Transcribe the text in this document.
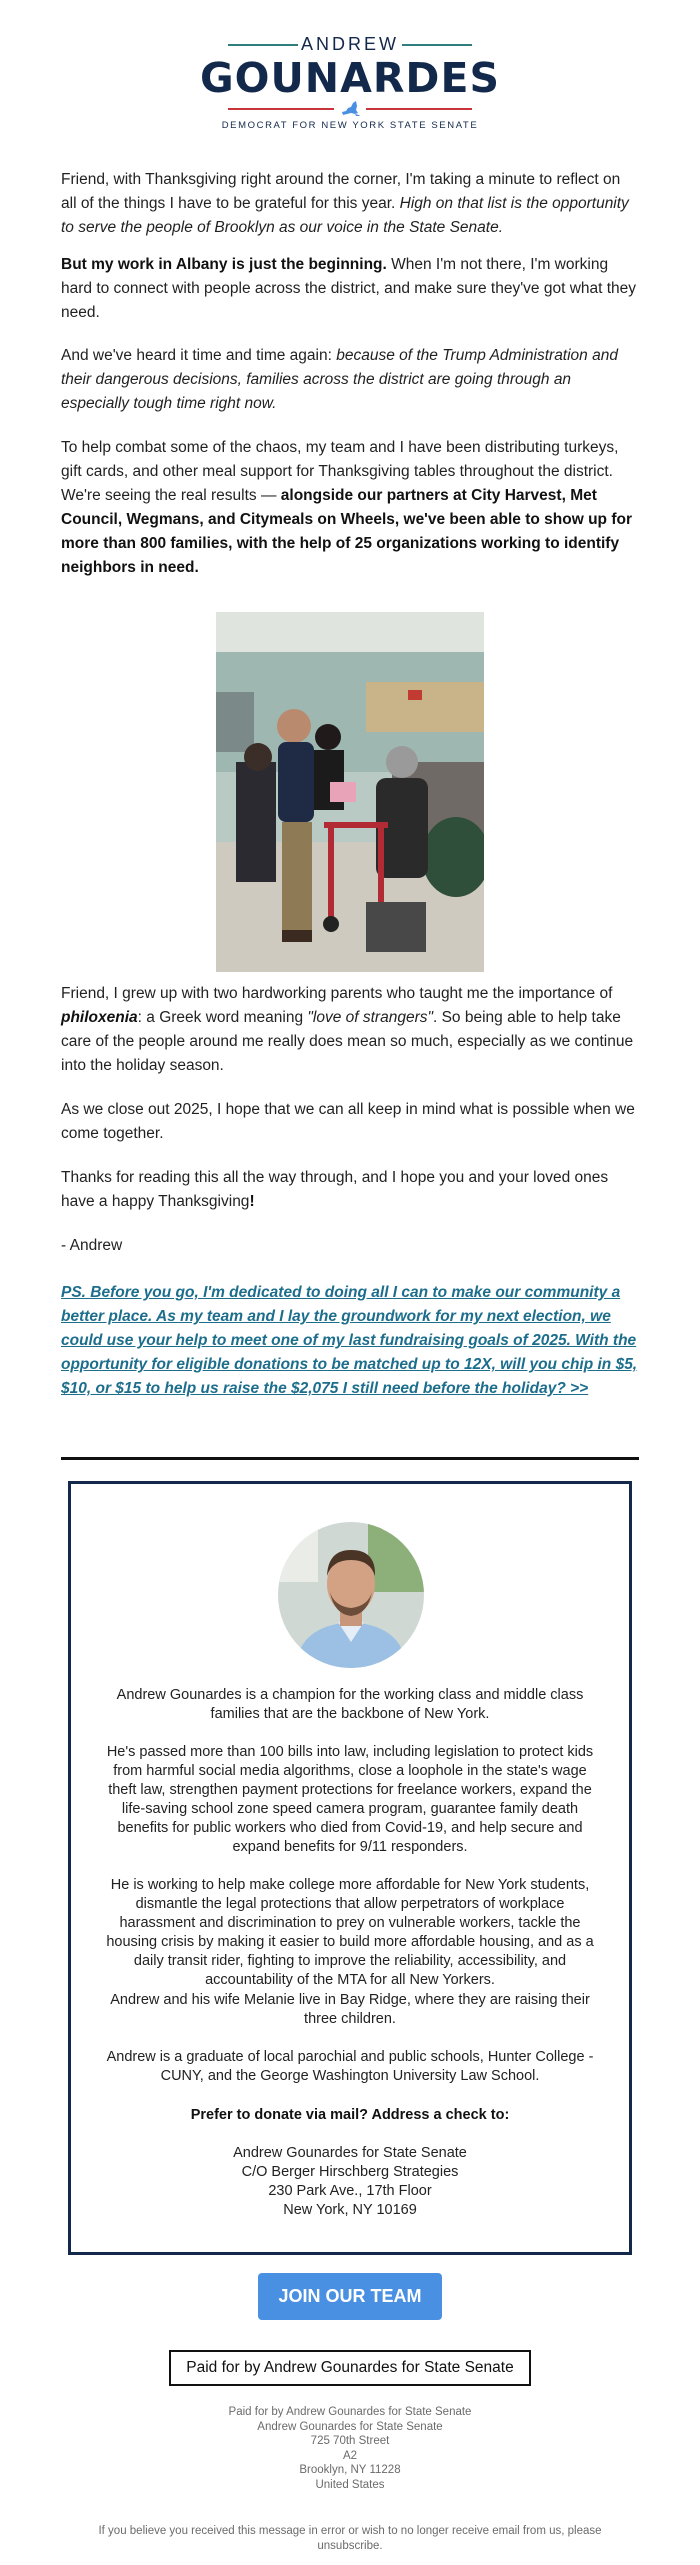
ANDREW
GOUNARDES
DEMOCRAT FOR NEW YORK STATE SENATE
Friend, with Thanksgiving right around the corner, I'm taking a minute to reflect on all of the things I have to be grateful for this year. High on that list is the opportunity to serve the people of Brooklyn as our voice in the State Senate.
But my work in Albany is just the beginning. When I'm not there, I'm working hard to connect with people across the district, and make sure they've got what they need.
And we've heard it time and time again: because of the Trump Administration and their dangerous decisions, families across the district are going through an especially tough time right now.
To help combat some of the chaos, my team and I have been distributing turkeys, gift cards, and other meal support for Thanksgiving tables throughout the district. We're seeing the real results — alongside our partners at City Harvest, Met Council, Wegmans, and Citymeals on Wheels, we've been able to show up for more than 800 families, with the help of 25 organizations working to identify neighbors in need.
Friend, I grew up with two hardworking parents who taught me the importance of philoxenia: a Greek word meaning "love of strangers". So being able to help take care of the people around me really does mean so much, especially as we continue into the holiday season.
As we close out 2025, I hope that we can all keep in mind what is possible when we come together.
Thanks for reading this all the way through, and I hope you and your loved ones have a happy Thanksgiving!
- Andrew
PS. Before you go, I'm dedicated to doing all I can to make our community a better place. As my team and I lay the groundwork for my next election, we could use your help to meet one of my last fundraising goals of 2025. With the opportunity for eligible donations to be matched up to 12X, will you chip in $5, $10, or $15 to help us raise the $2,075 I still need before the holiday? >>
Andrew Gounardes is a champion for the working class and middle class families that are the backbone of New York.
He's passed more than 100 bills into law, including legislation to protect kids from harmful social media algorithms, close a loophole in the state's wage theft law, strengthen payment protections for freelance workers, expand the life-saving school zone speed camera program, guarantee family death benefits for public workers who died from Covid-19, and help secure and expand benefits for 9/11 responders.
He is working to help make college more affordable for New York students, dismantle the legal protections that allow perpetrators of workplace harassment and discrimination to prey on vulnerable workers, tackle the housing crisis by making it easier to build more affordable housing, and as a daily transit rider, fighting to improve the reliability, accessibility, and accountability of the MTA for all New Yorkers.
Andrew and his wife Melanie live in Bay Ridge, where they are raising their three children.
Andrew is a graduate of local parochial and public schools, Hunter College - CUNY, and the George Washington University Law School.
Prefer to donate via mail? Address a check to:
Andrew Gounardes for State Senate
C/O Berger Hirschberg Strategies
230 Park Ave., 17th Floor
New York, NY 10169
JOIN OUR TEAM
Paid for by Andrew Gounardes for State Senate
Paid for by Andrew Gounardes for State Senate
Andrew Gounardes for State Senate
725 70th Street
A2
Brooklyn, NY 11228
United States
If you believe you received this message in error or wish to no longer receive email from us, please unsubscribe.
